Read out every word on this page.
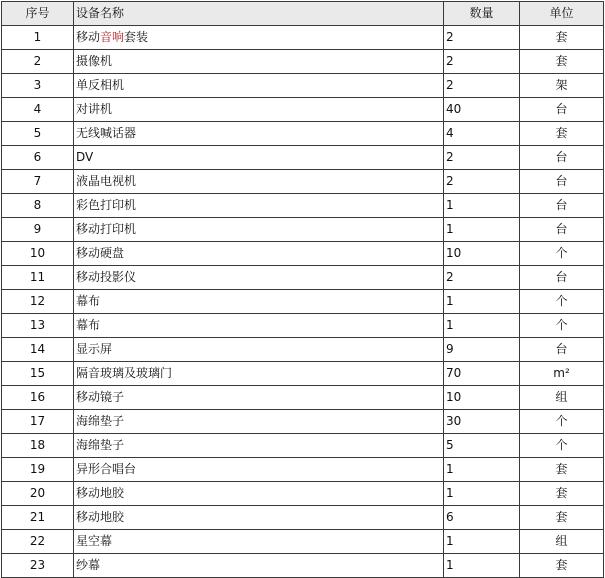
序号	设备名称	数量	单位
1	移动音响套装	2	套
2	摄像机	2	套
3	单反相机	2	架
4	对讲机	40	台
5	无线喊话器	4	套
6	DV	2	台
7	液晶电视机	2	台
8	彩色打印机	1	台
9	移动打印机	1	台
10	移动硬盘	10	个
11	移动投影仪	2	台
12	幕布	1	个
13	幕布	1	个
14	显示屏	9	台
15	隔音玻璃及玻璃门	70	m²
16	移动镜子	10	组
17	海绵垫子	30	个
18	海绵垫子	5	个
19	异形合唱台	1	套
20	移动地胶	1	套
21	移动地胶	6	套
22	星空幕	1	组
23	纱幕	1	套
